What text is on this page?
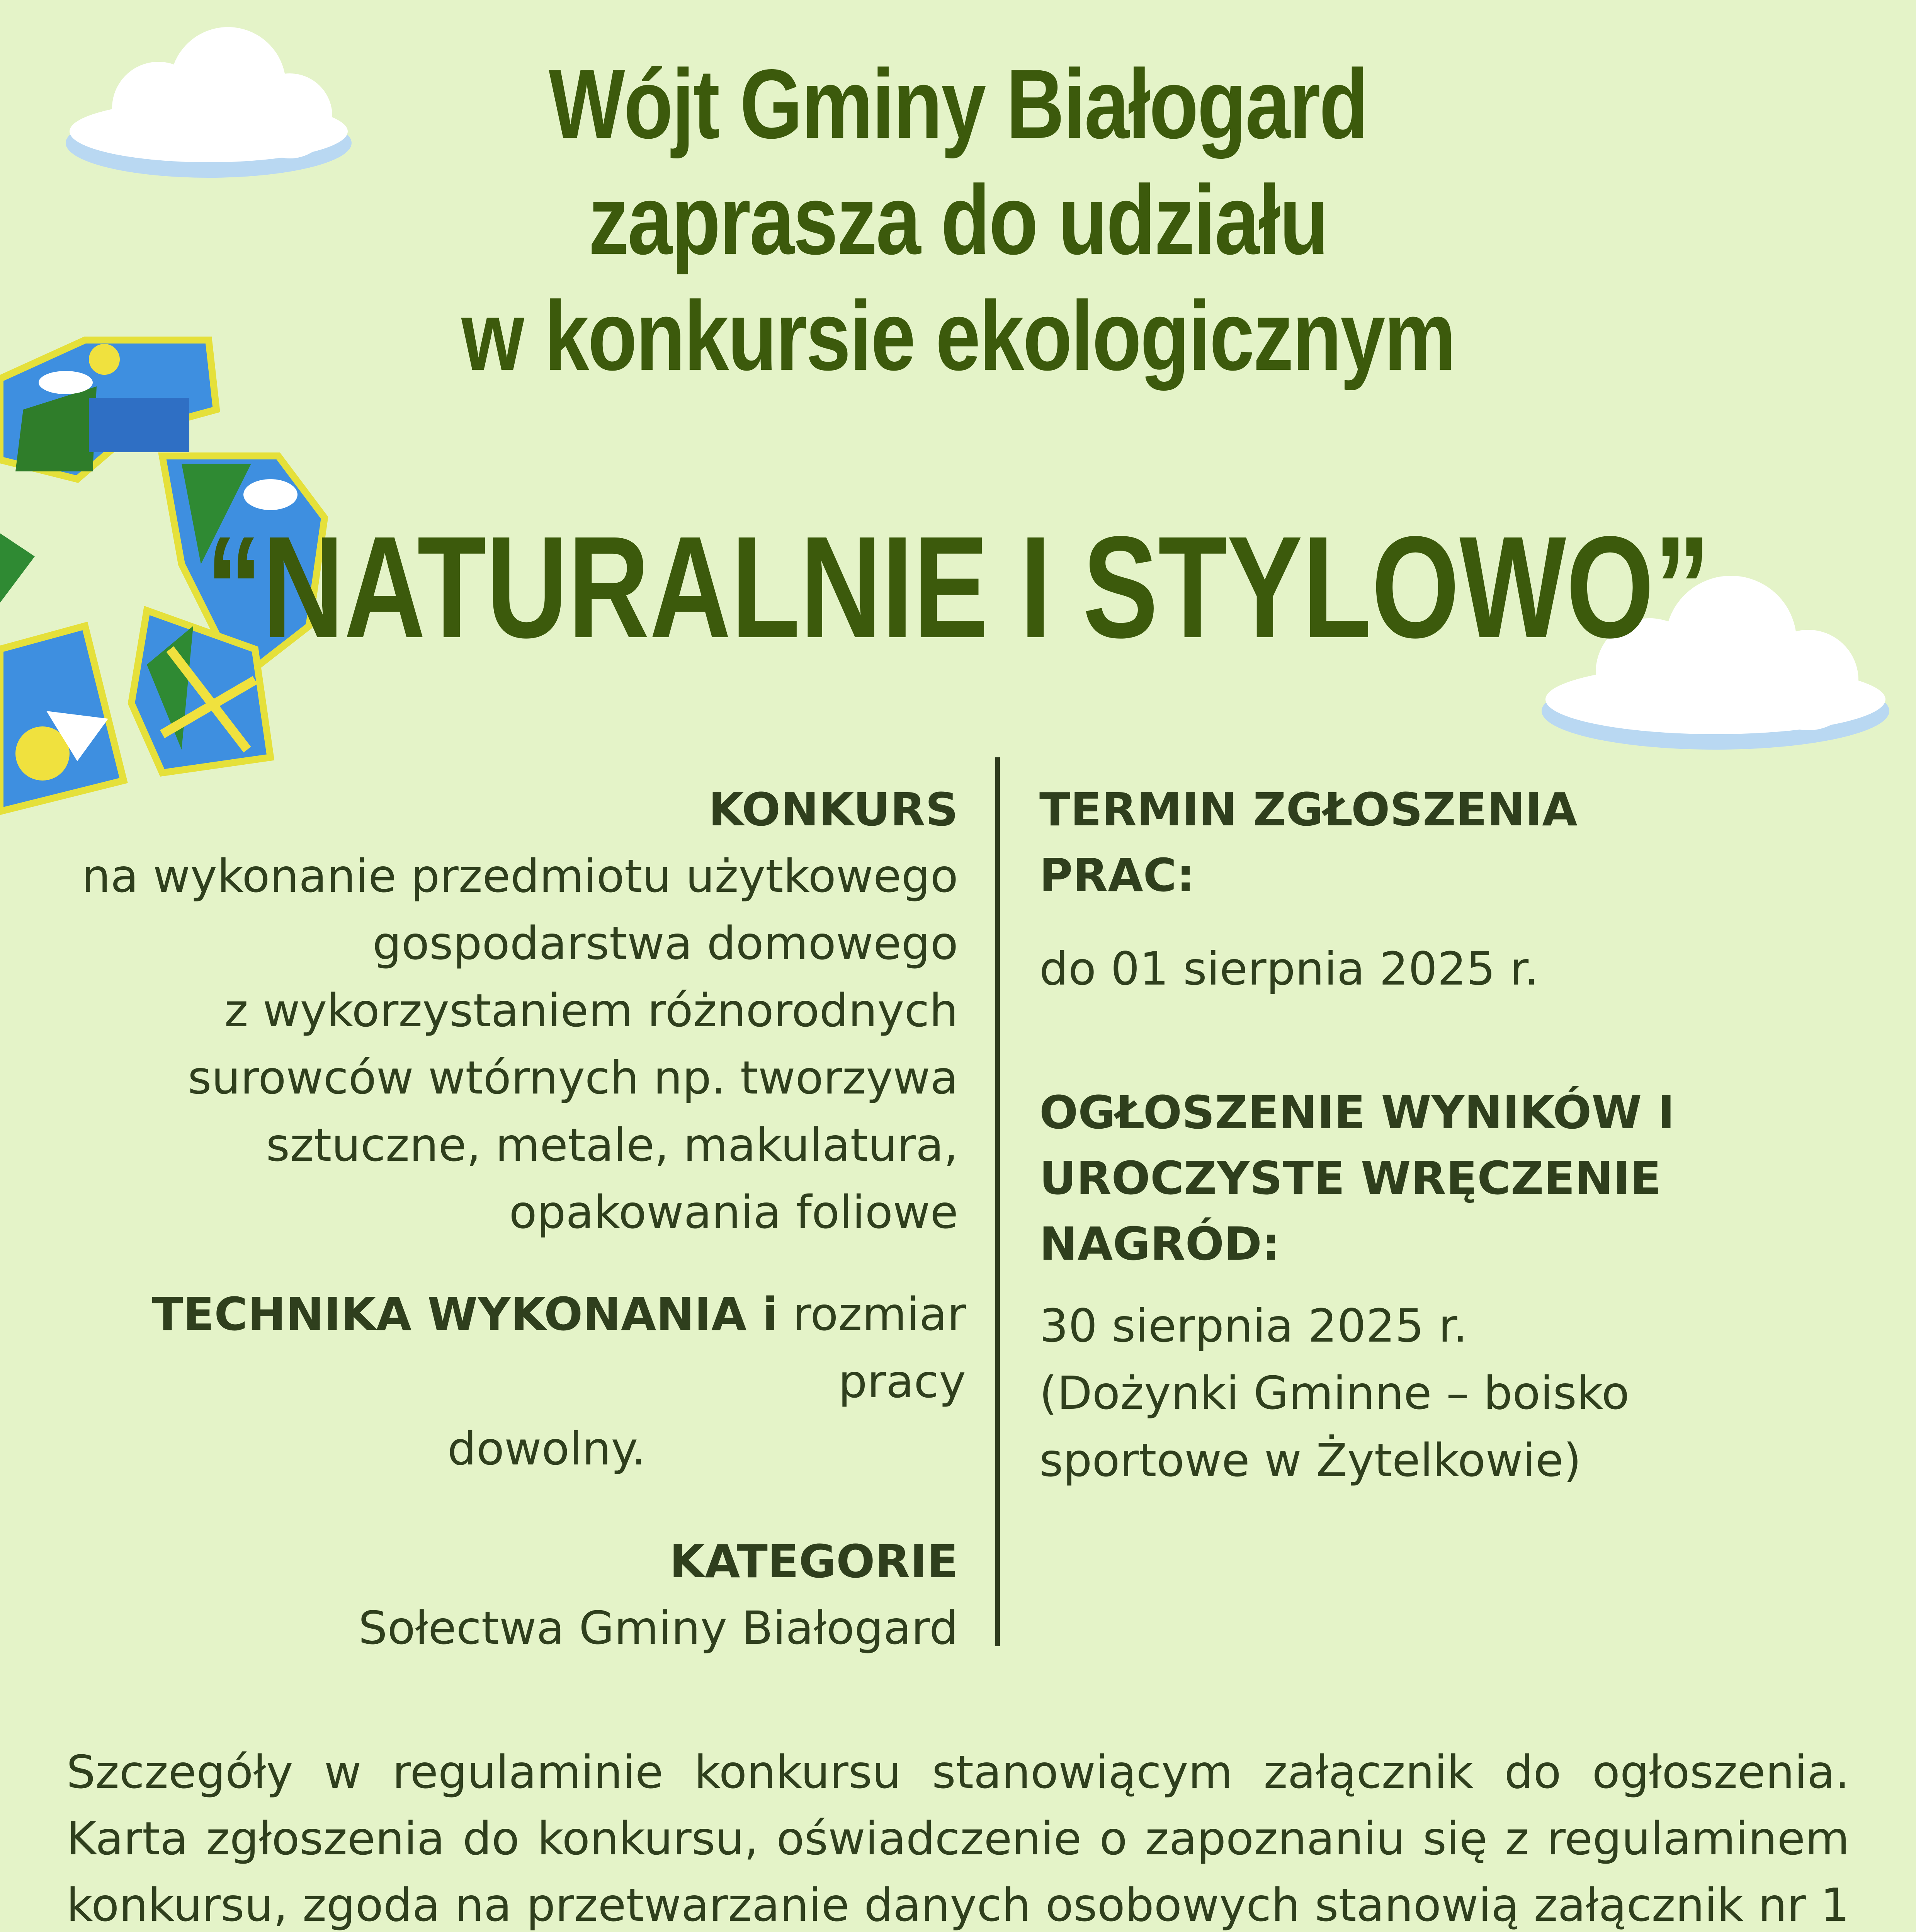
Wójt Gminy Białogard
zaprasza do udziału
w konkursie ekologicznym
“NATURALNIE I STYLOWO”
KONKURS
na wykonanie przedmiotu użytkowego
gospodarstwa domowego
z wykorzystaniem różnorodnych
surowców wtórnych np. tworzywa
sztuczne, metale, makulatura,
opakowania foliowe
TECHNIKA WYKONANIA i rozmiar pracy
dowolny.
KATEGORIE
Sołectwa Gminy Białogard
TERMIN ZGŁOSZENIA
PRAC:
do 01 sierpnia 2025 r.
OGŁOSZENIE WYNIKÓW I
UROCZYSTE WRĘCZENIE
NAGRÓD:
30 sierpnia 2025 r.
(Dożynki Gminne – boisko
sportowe w Żytelkowie)
Szczegóły w regulaminie konkursu stanowiącym załącznik do ogłoszenia. Karta zgłoszenia do konkursu, oświadczenie o zapoznaniu się z regulaminem konkursu, zgoda na przetwarzanie danych osobowych stanowią załącznik nr 1
